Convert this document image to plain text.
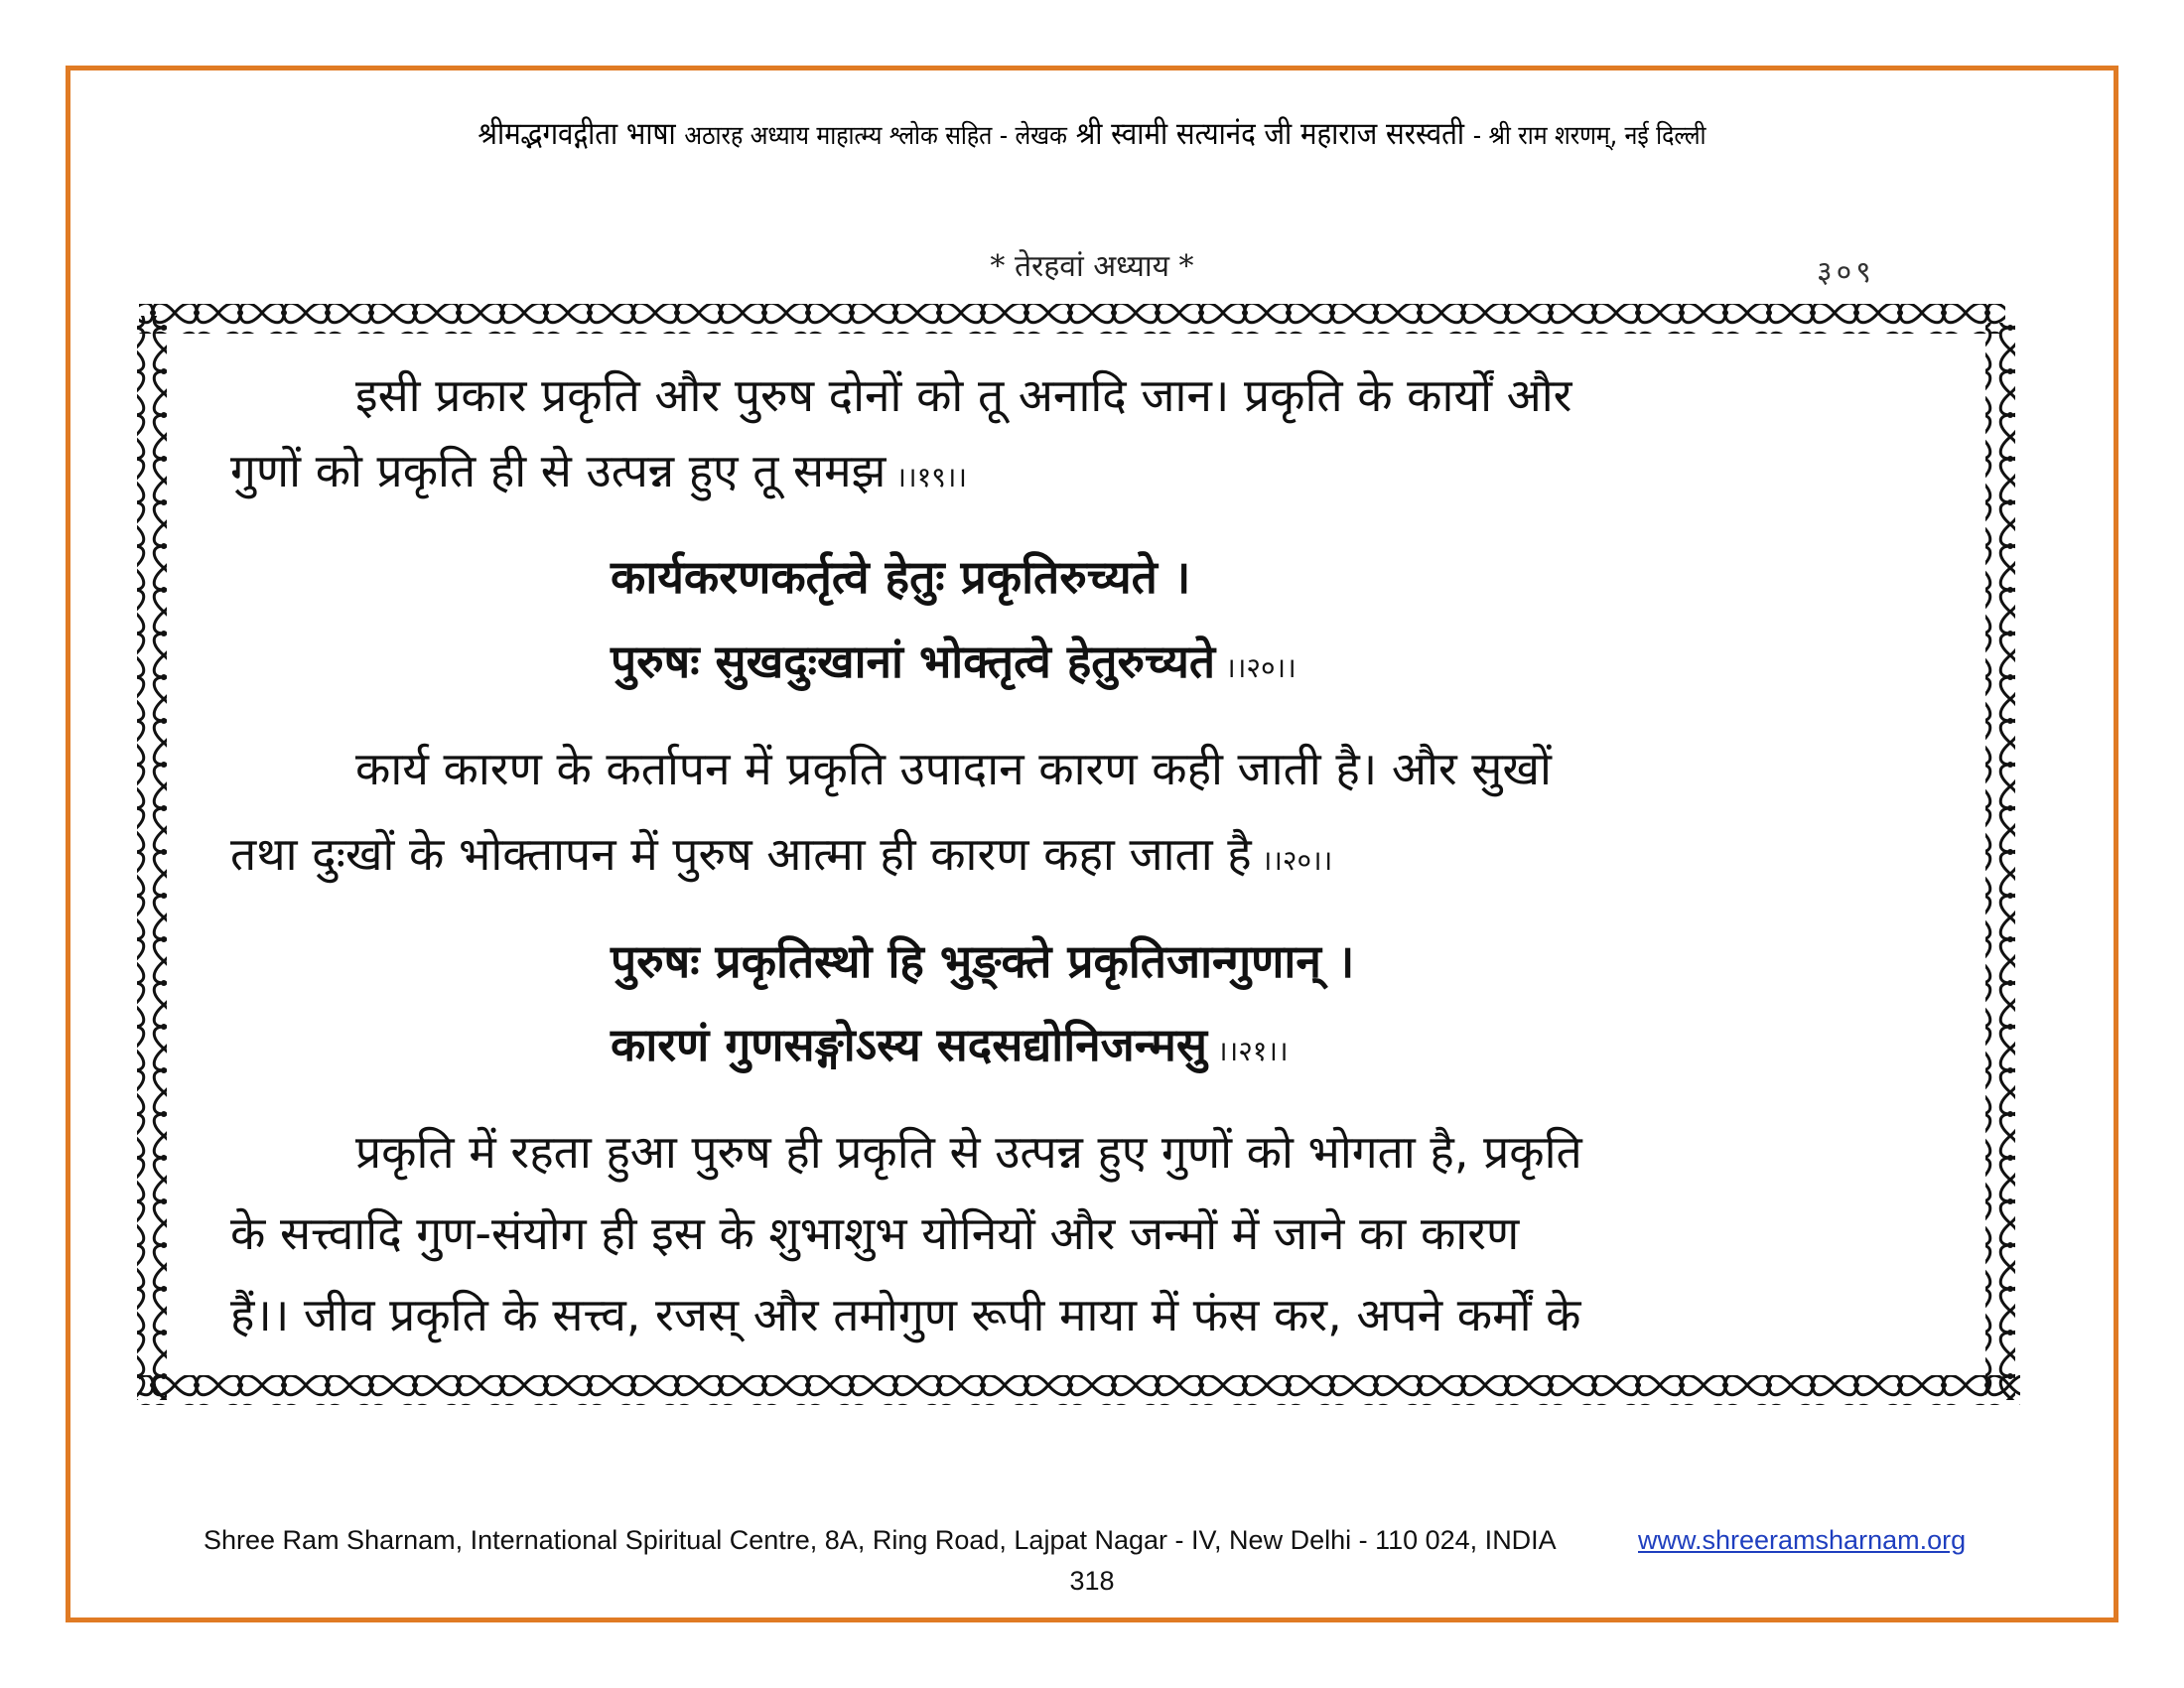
श्रीमद्भगवद्गीता भाषा अठारह अध्याय माहात्म्य श्लोक सहित - लेखक श्री स्वामी सत्यानंद जी महाराज सरस्वती - श्री राम शरणम्, नई दिल्ली
* तेरहवां अध्याय *	३०९
इसी प्रकार प्रकृति और पुरुष दोनों को तू अनादि जान। प्रकृति के कार्यों और
गुणों को प्रकृति ही से उत्पन्न हुए तू समझ ।।१९।।
कार्यकरणकर्तृत्वे हेतुः प्रकृतिरुच्यते ।
पुरुषः सुखदुःखानां भोक्तृत्वे हेतुरुच्यते ।।२०।।
कार्य कारण के कर्तापन में प्रकृति उपादान कारण कही जाती है। और सुखों
तथा दुःखों के भोक्तापन में पुरुष आत्मा ही कारण कहा जाता है ।।२०।।
पुरुषः प्रकृतिस्थो हि भुङ्क्ते प्रकृतिजान्गुणान् ।
कारणं गुणसङ्गोऽस्य सदसद्योनिजन्मसु ।।२१।।
प्रकृति में रहता हुआ पुरुष ही प्रकृति से उत्पन्न हुए गुणों को भोगता है, प्रकृति
के सत्त्वादि गुण-संयोग ही इस के शुभाशुभ योनियों और जन्मों में जाने का कारण
हैं।। जीव प्रकृति के सत्त्व, रजस् और तमोगुण रूपी माया में फंस कर, अपने कर्मों के
Shree Ram Sharnam, International Spiritual Centre, 8A, Ring Road, Lajpat Nagar - IV, New Delhi - 110 024, INDIA	www.shreeramsharnam.org
318
